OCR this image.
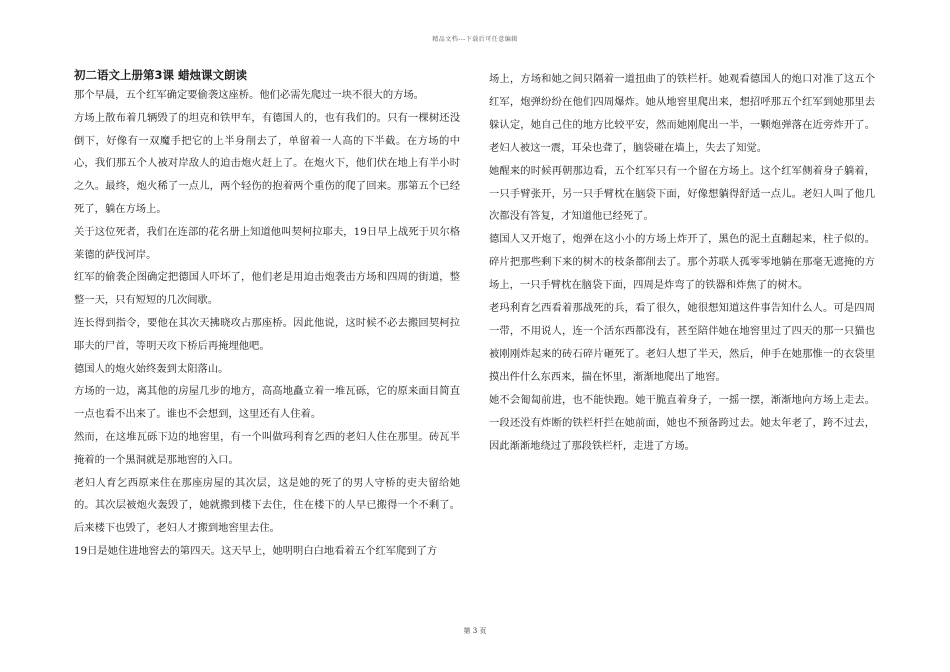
精品文档---下载后可任意编辑
初二语文上册第3课 蜡烛课文朗读

那个早晨，五个红军确定要偷袭这座桥。他们必需先爬过一块不很大的方场。

方场上散布着几辆毁了的坦克和铁甲车，有德国人的，也有我们的。只有一棵树还没倒下，好像有一双魔手把它的上半身削去了，单留着一人高的下半截。在方场的中心，我们那五个人被对岸敌人的迫击炮火赶上了。在炮火下，他们伏在地上有半小时之久。最终，炮火稀了一点儿，两个轻伤的抱着两个重伤的爬了回来。那第五个已经死了，躺在方场上。

关于这位死者，我们在连部的花名册上知道他叫契柯拉耶夫，19日早上战死于贝尔格莱德的萨伐河岸。

红军的偷袭企图确定把德国人吓坏了，他们老是用迫击炮袭击方场和四周的街道，整整一天，只有短短的几次间歇。

连长得到指令，要他在其次天拂晓攻占那座桥。因此他说，这时候不必去搬回契柯拉耶夫的尸首，等明天攻下桥后再掩埋他吧。

德国人的炮火始终轰到太阳落山。

方场的一边，离其他的房屋几步的地方，高高地矗立着一堆瓦砾，它的原来面目简直一点也看不出来了。谁也不会想到，这里还有人住着。

然而，在这堆瓦砾下边的地窖里，有一个叫做玛利育乞西的老妇人住在那里。砖瓦半掩着的一个黑洞就是那地窖的入口。

老妇人育乞西原来住在那座房屋的其次层，这是她的死了的男人守桥的吏夫留给她的。其次层被炮火轰毁了，她就搬到楼下去住，住在楼下的人早已搬得一个不剩了。后来楼下也毁了，老妇人才搬到地窖里去住。

19日是她住进地窖去的第四天。这天早上，她明明白白地看着五个红军爬到了方

场上，方场和她之间只隔着一道扭曲了的铁栏杆。她观看德国人的炮口对准了这五个红军，炮弹纷纷在他们四周爆炸。她从地窖里爬出来，想招呼那五个红军到她那里去躲认定，她自己住的地方比较平安，然而她刚爬出一半，一颗炮弹落在近旁炸开了。老妇人被这一震，耳朵也聋了，脑袋碰在墙上，失去了知觉。

她醒来的时候再朝那边看，五个红军只有一个留在方场上。这个红军侧着身子躺着，一只手臂张开，另一只手臂枕在脑袋下面，好像想躺得舒适一点儿。老妇人叫了他几次都没有答复，才知道他已经死了。

德国人又开炮了，炮弹在这小小的方场上炸开了，黑色的泥土直翻起来，柱子似的。碎片把那些剩下来的树木的枝条都削去了。那个苏联人孤零零地躺在那毫无遮掩的方场上，一只手臂枕在脑袋下面，四周是炸弯了的铁器和炸焦了的树木。

老玛利育乞西看着那战死的兵，看了很久，她很想知道这件事告知什么人。可是四周一带，不用说人，连一个活东西都没有，甚至陪伴她在地窖里过了四天的那一只猫也被刚刚炸起来的砖石碎片砸死了。老妇人想了半天，然后，伸手在她那惟一的衣袋里摸出件什么东西来，揣在怀里，渐渐地爬出了地窖。

她不会匍匐前进，也不能快跑。她干脆直着身子，一摇一摆，渐渐地向方场上走去。一段还没有炸断的铁栏杆拦在她前面，她也不预备跨过去。她太年老了，跨不过去，因此渐渐地绕过了那段铁栏杆，走进了方场。

第 3 页
